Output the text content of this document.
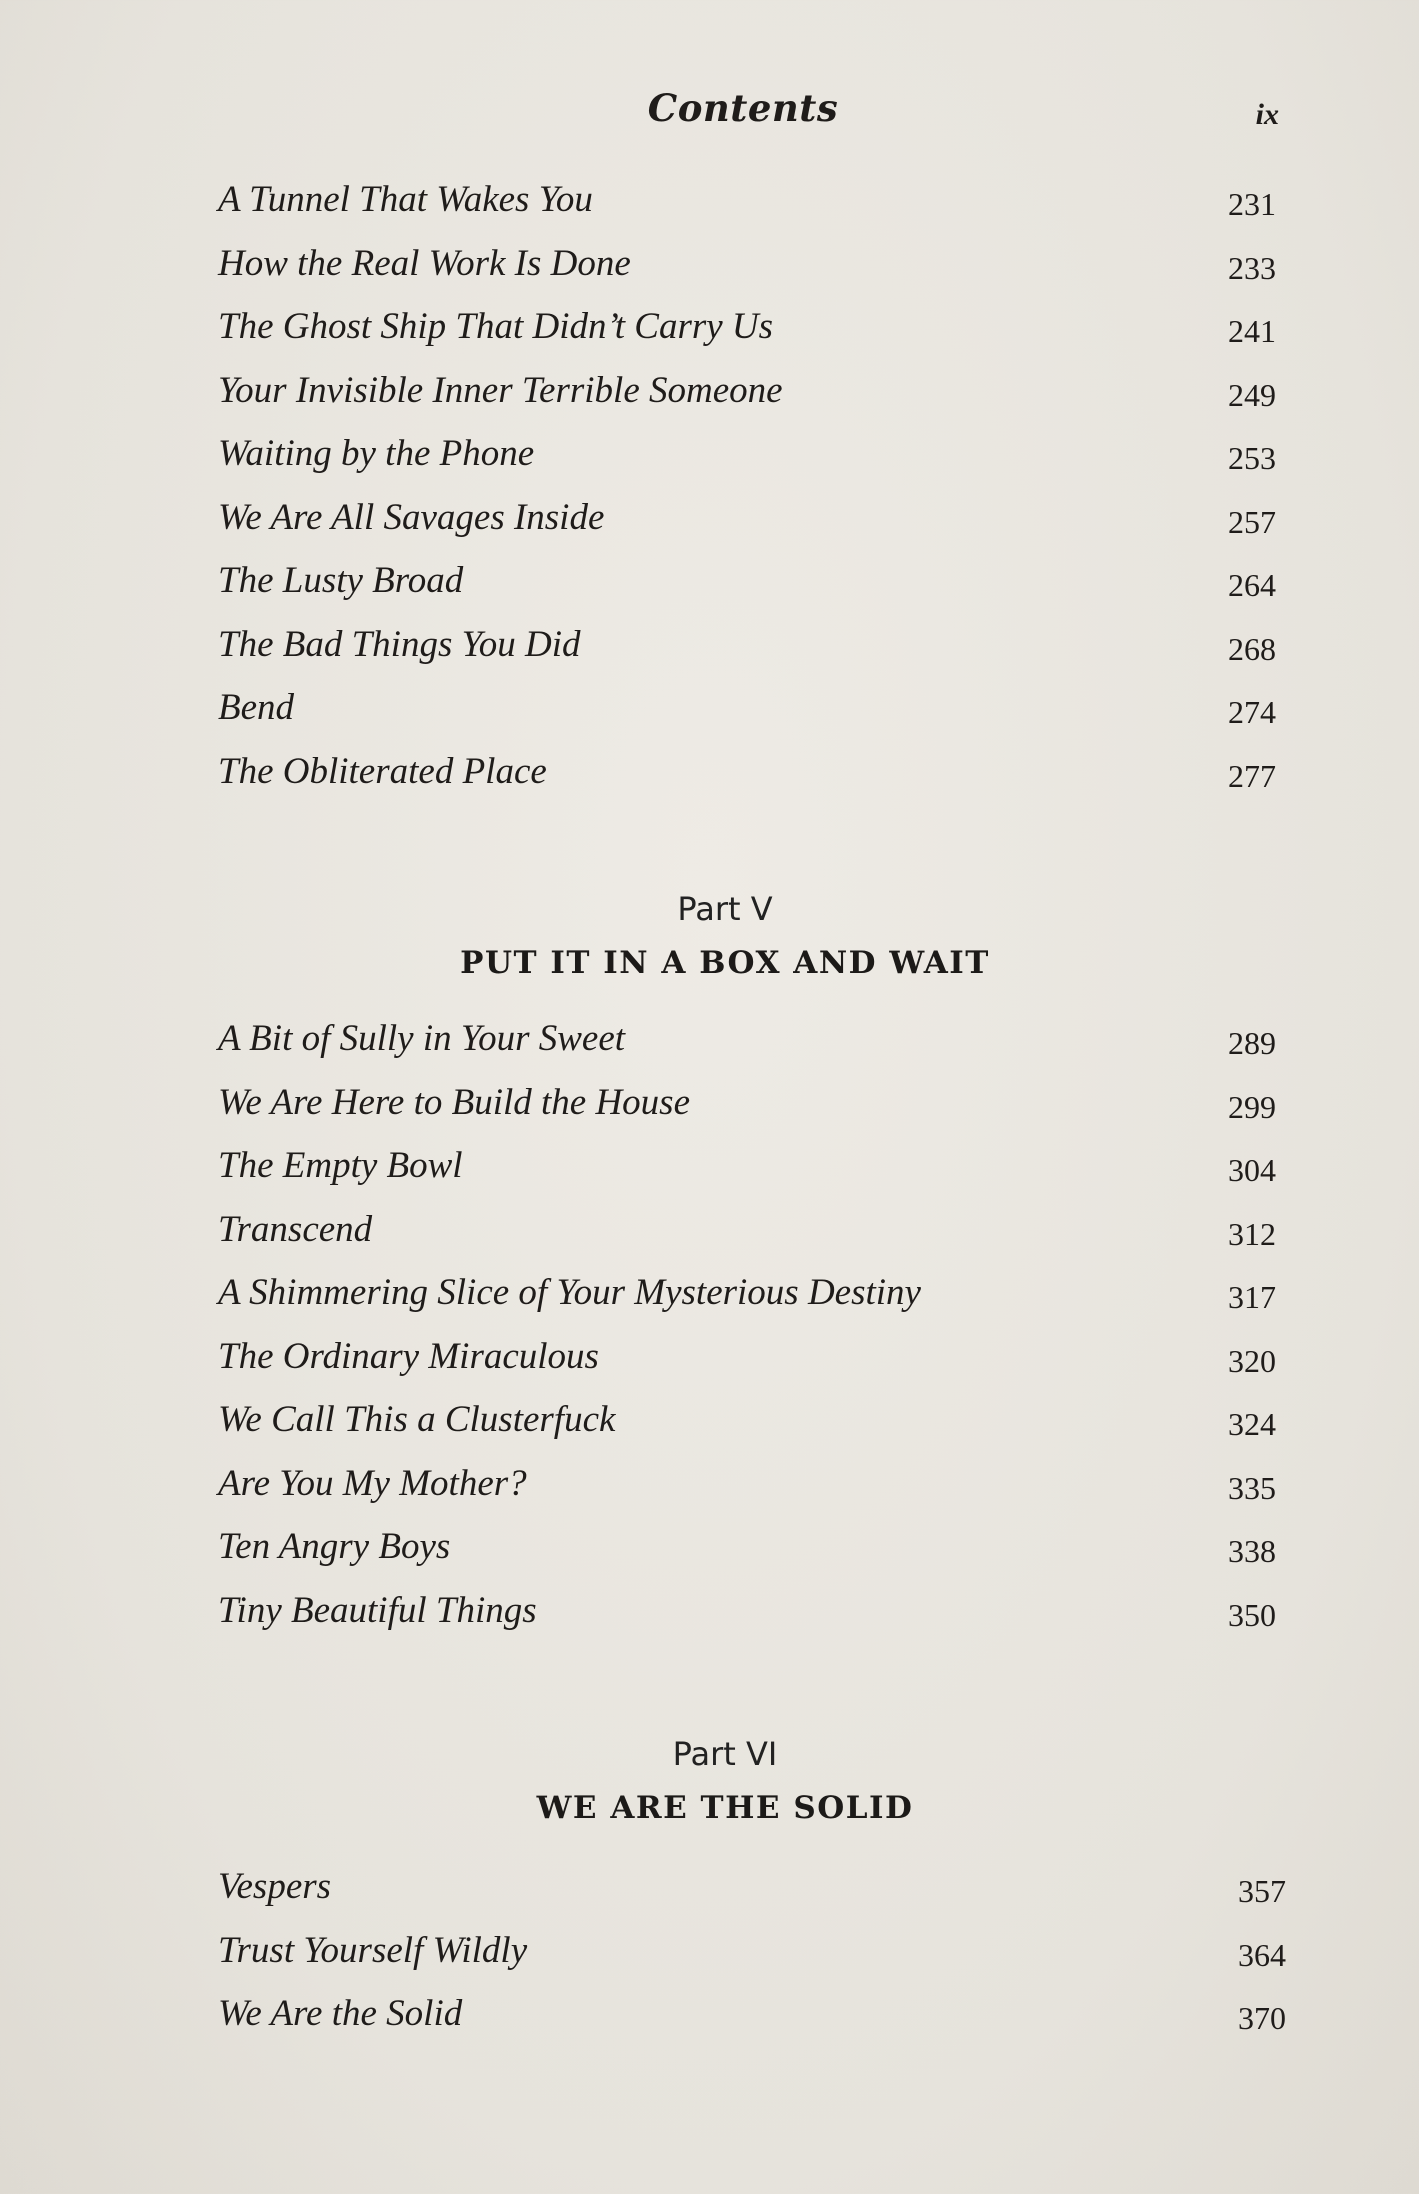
Contents	ix
A Tunnel That Wakes You	231
How the Real Work Is Done	233
The Ghost Ship That Didn’t Carry Us	241
Your Invisible Inner Terrible Someone	249
Waiting by the Phone	253
We Are All Savages Inside	257
The Lusty Broad	264
The Bad Things You Did	268
Bend	274
The Obliterated Place	277
Part V
PUT IT IN A BOX AND WAIT
A Bit of Sully in Your Sweet	289
We Are Here to Build the House	299
The Empty Bowl	304
Transcend	312
A Shimmering Slice of Your Mysterious Destiny	317
The Ordinary Miraculous	320
We Call This a Clusterfuck	324
Are You My Mother?	335
Ten Angry Boys	338
Tiny Beautiful Things	350
Part VI
WE ARE THE SOLID
Vespers	357
Trust Yourself Wildly	364
We Are the Solid	370
